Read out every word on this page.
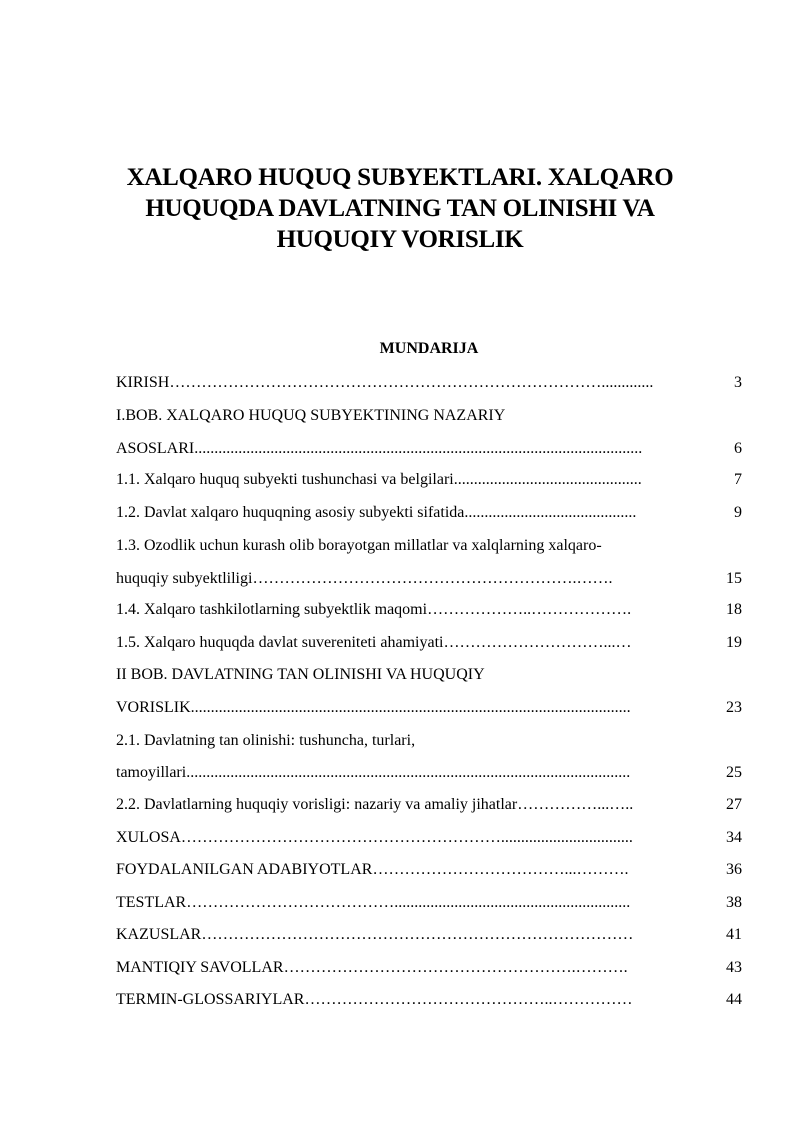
XALQARO HUQUQ SUBYEKTLARI. XALQARO
HUQUQDA DAVLATNING TAN OLINISHI VA
HUQUQIY VORISLIK
MUNDARIJA
KIRISH ……………………………………………………………………….............	3
I.BOB. XALQARO HUQUQ SUBYEKTINING NAZARIY
ASOSLARI ................................................................................................................	6
1.1. Xalqaro huquq subyekti tushunchasi va belgilari ...............................................	7
1.2. Davlat xalqaro huquqning asosiy subyekti sifatida ...........................................	9
1.3. Ozodlik uchun kurash olib borayotgan millatlar va xalqlarning xalqaro-
huquqiy subyektliligi …………………………………………………….…….	15
1.4. Xalqaro tashkilotlarning subyektlik maqomi ………………..……………….	18
1.5. Xalqaro huquqda davlat suvereniteti ahamiyati …………………………...…	19
II BOB. DAVLATNING TAN OLINISHI VA HUQUQIY
VORISLIK ..............................................................................................................	23
2.1. Davlatning tan olinishi: tushuncha, turlari,
tamoyillari ...............................................................................................................	25
2.2. Davlatlarning huquqiy vorisligi: nazariy va amaliy jihatlar ……………...…..	27
XULOSA …………………………………………………….................................	34
FOYDALANILGAN ADABIYOTLAR ………………………………...……….	36
TESTLAR …………………………………...........................................................	38
KAZUSLAR ………………………………………………………………………	41
MANTIQIY SAVOLLAR ……………………………………………….……….	43
TERMIN-GLOSSARIYLAR ………………………………………..……………	44
